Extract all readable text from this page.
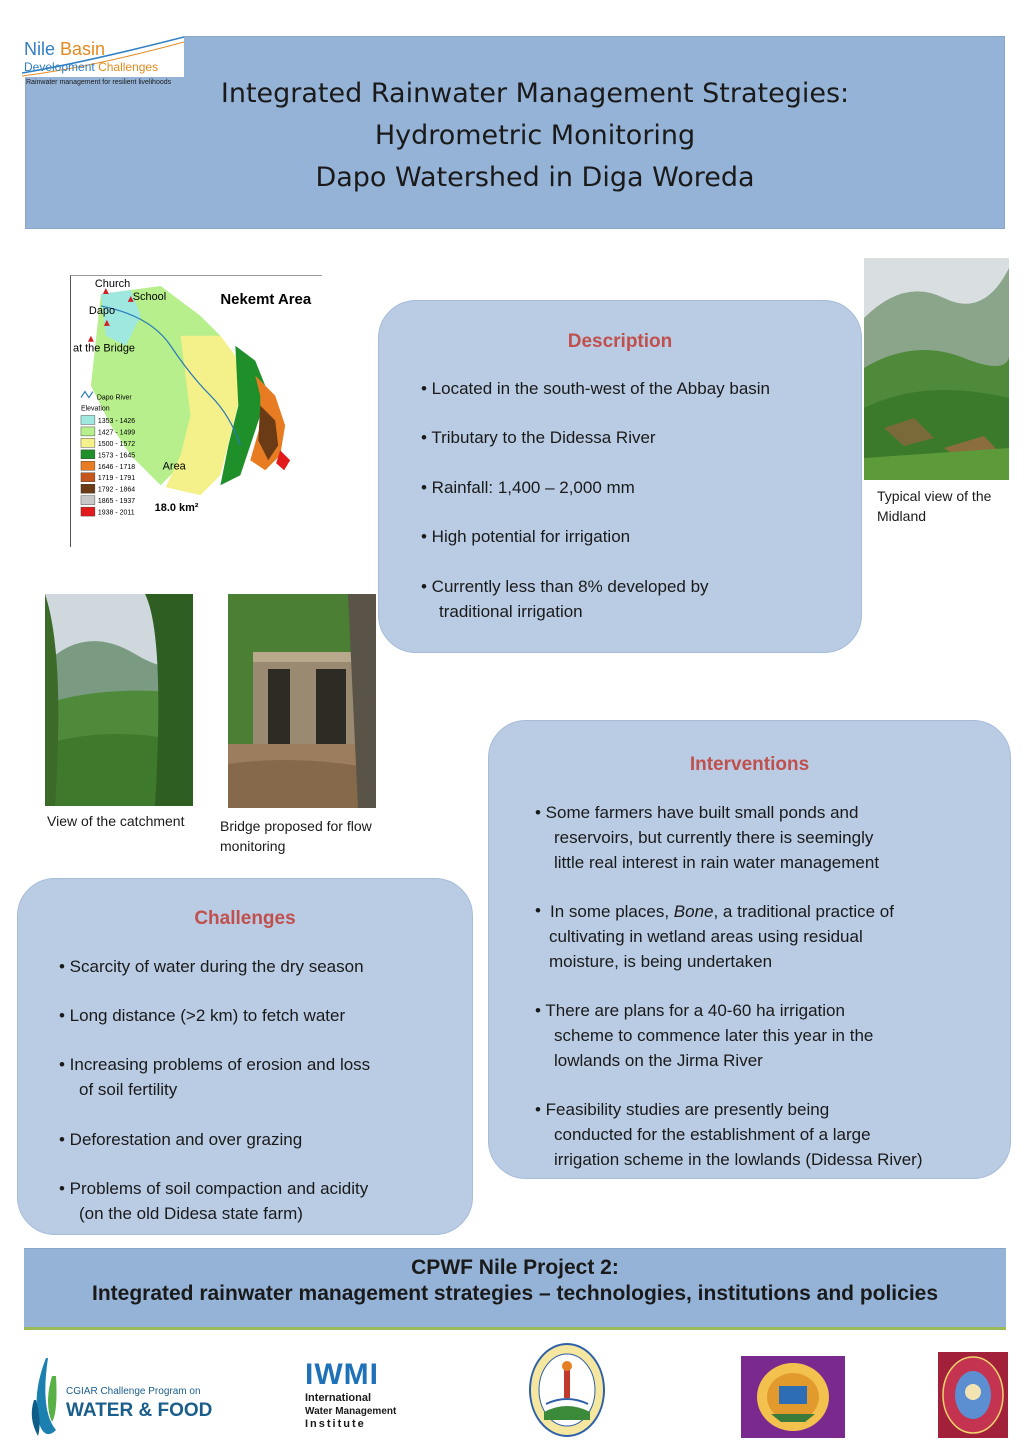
Nile Basin
Development Challenges
Rainwater management for resilient livelihoods	Integrated Rainwater Management Strategies:
Hydrometric Monitoring
Dapo Watershed in Diga Woreda
Church
School
Dapo
at the Bridge
Nekemt Area
Area
18.0 km²
Dapo River
Elevation
1353 - 1426
1427 - 1499
1500 - 1572
1573 - 1645
1646 - 1718
1719 - 1791
1792 - 1864
1865 - 1937
1938 - 2011
Typical view of the Midland
View of the catchment	Bridge proposed for flow monitoring
Description
• Located in the south-west of the Abbay basin
• Tributary to the Didessa River
• Rainfall: 1,400 – 2,000 mm
• High potential for irrigation
• Currently less than 8% developed by
traditional irrigation
Interventions
• Some farmers have built small ponds and
reservoirs, but currently there is seemingly
little real interest in rain water management
• In some places, Bone, a traditional practice of
cultivating in wetland areas using residual
moisture, is being undertaken
• There are plans for a 40-60 ha irrigation
scheme to commence later this year in the
lowlands on the Jirma River
• Feasibility studies are presently being
conducted for the establishment of a large
irrigation scheme in the lowlands (Didessa River)
Challenges
• Scarcity of water during the dry season
• Long distance (>2 km) to fetch water
• Increasing problems of erosion and loss
of soil fertility
• Deforestation and over grazing
• Problems of soil compaction and acidity
(on the old Didesa state farm)
CPWF Nile Project 2:
Integrated rainwater management strategies – technologies, institutions and policies
CGIAR Challenge Program on
WATER & FOOD
IWMI
International
Water Management
Institute
